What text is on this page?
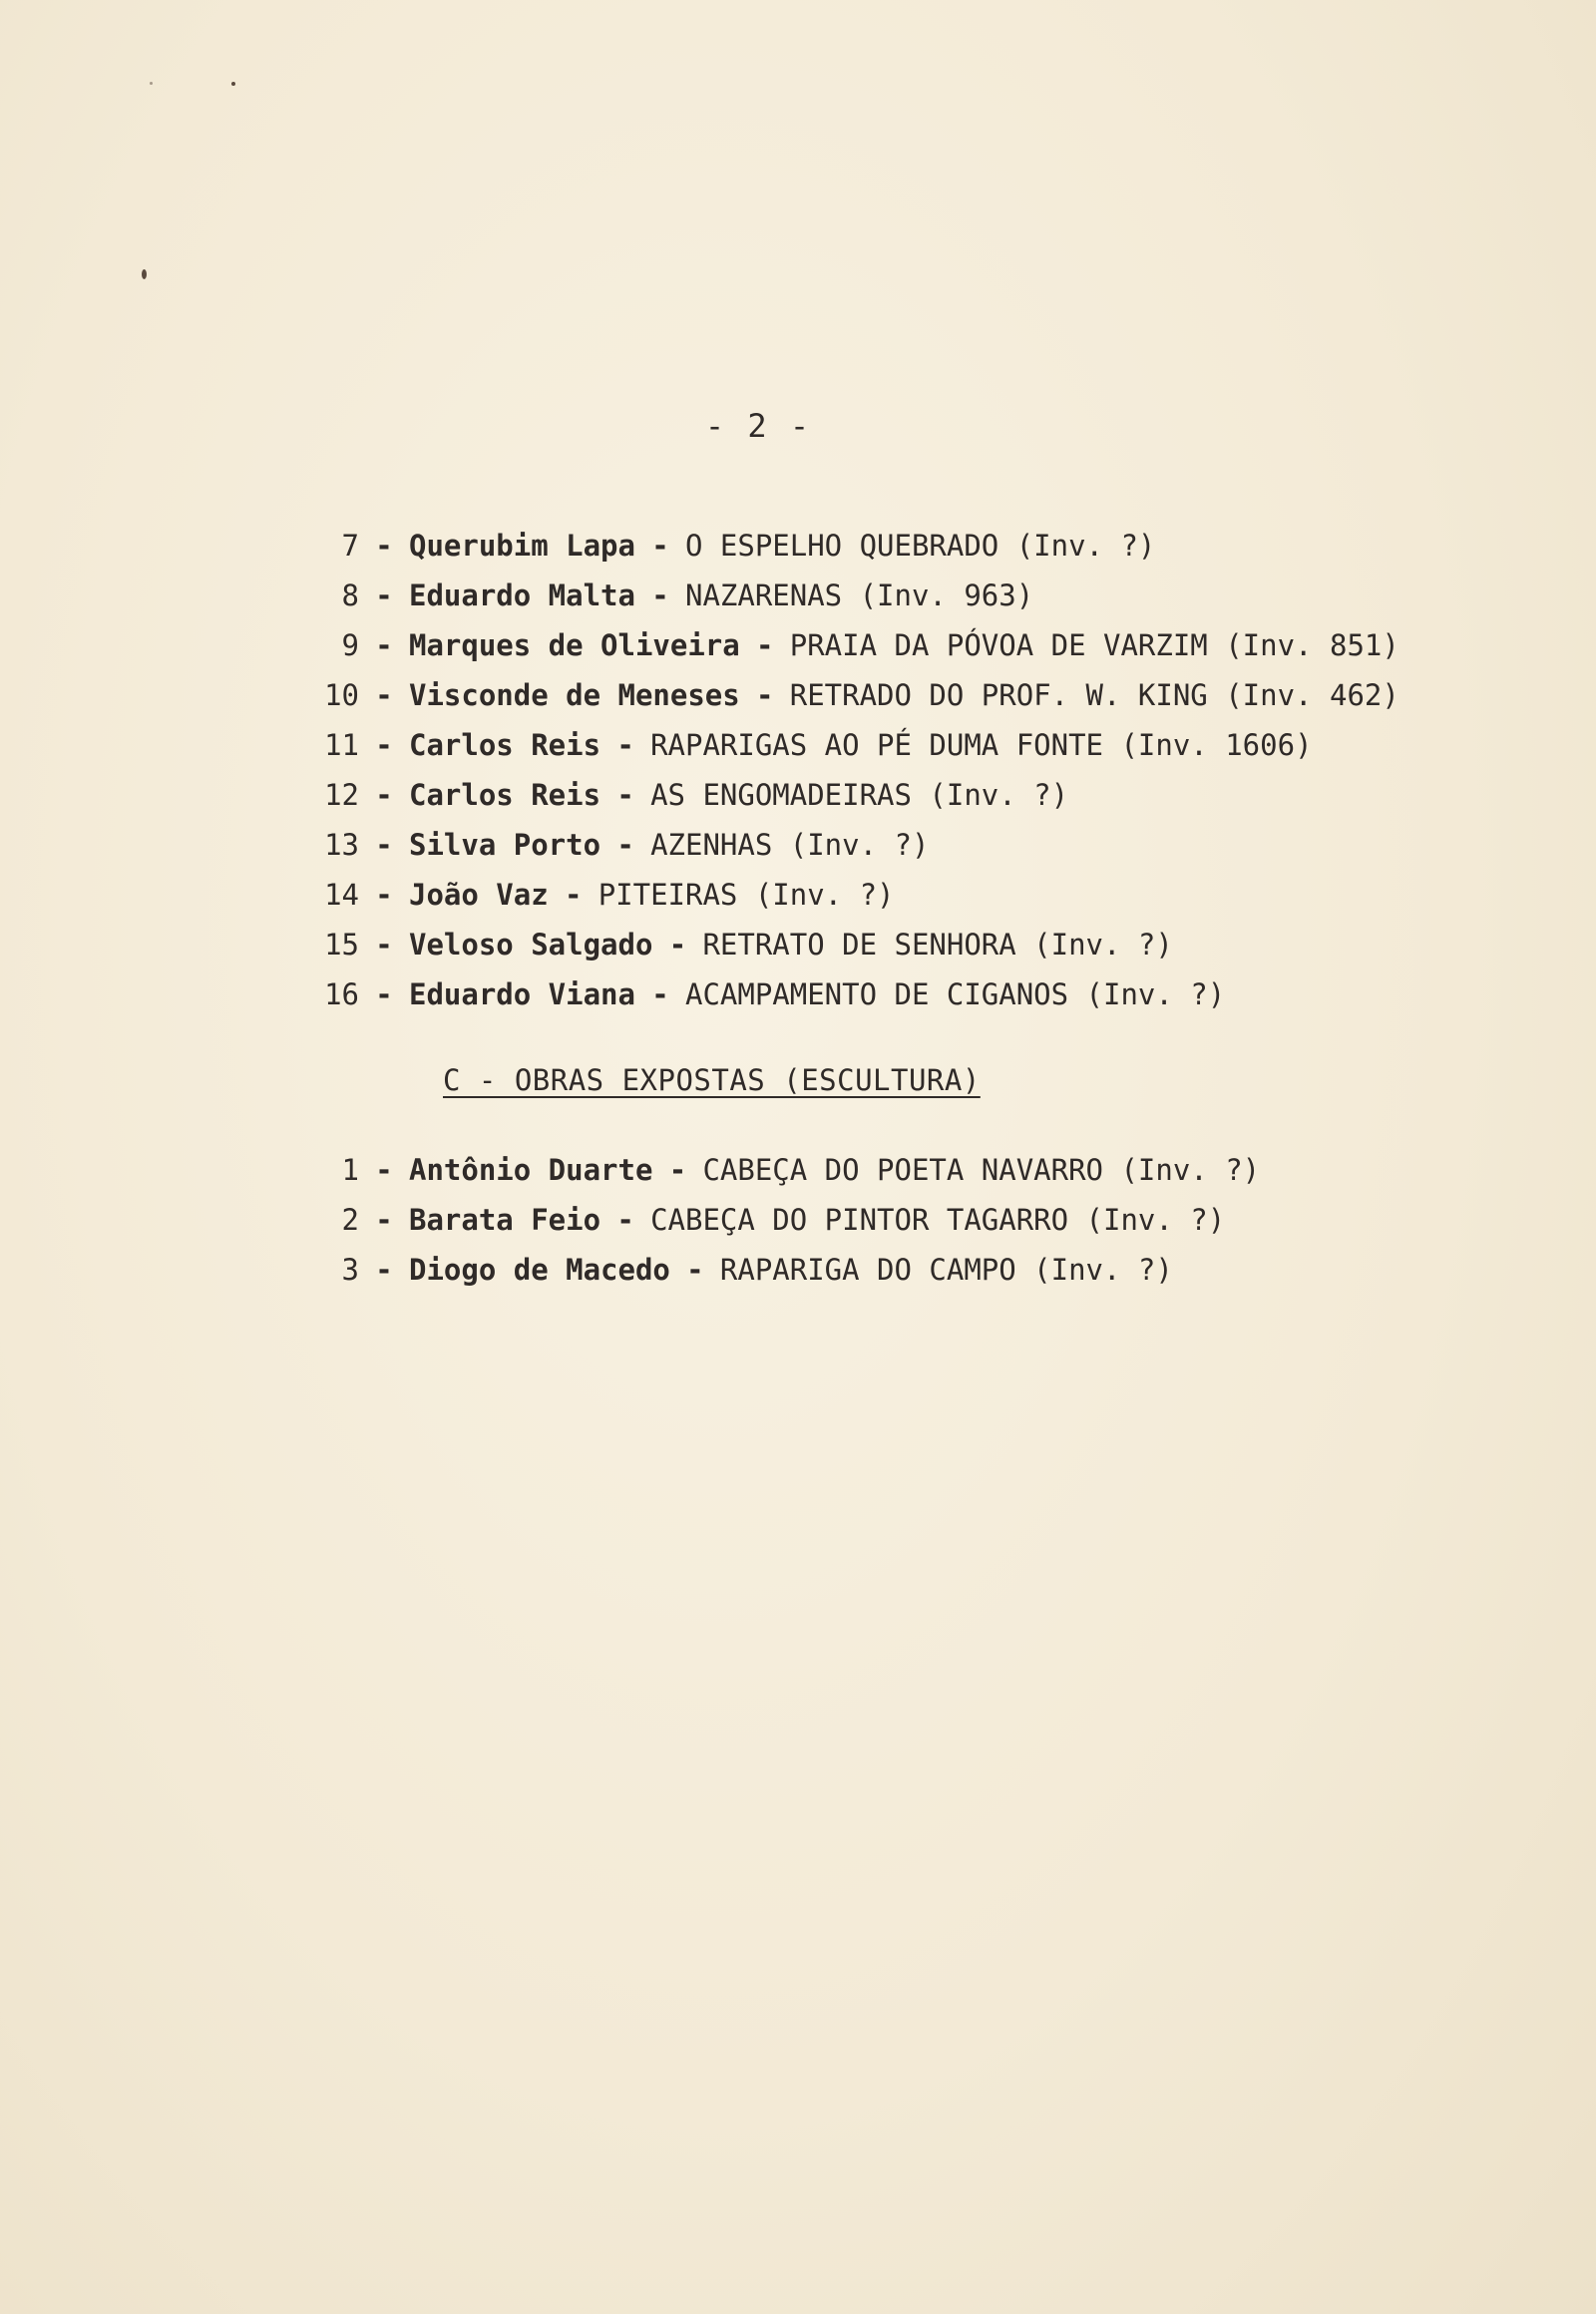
- 2 -
7 - Querubim Lapa - O ESPELHO QUEBRADO (Inv. ?)
8 - Eduardo Malta - NAZARENAS (Inv. 963)
9 - Marques de Oliveira - PRAIA DA PÓVOA DE VARZIM (Inv. 851)
10 - Visconde de Meneses - RETRADO DO PROF. W. KING (Inv. 462)
11 - Carlos Reis - RAPARIGAS AO PÉ DUMA FONTE (Inv. 1606)
12 - Carlos Reis - AS ENGOMADEIRAS (Inv. ?)
13 - Silva Porto - AZENHAS (Inv. ?)
14 - João Vaz - PITEIRAS (Inv. ?)
15 - Veloso Salgado - RETRATO DE SENHORA (Inv. ?)
16 - Eduardo Viana - ACAMPAMENTO DE CIGANOS (Inv. ?)
C - OBRAS EXPOSTAS (ESCULTURA)
1 - Antônio Duarte - CABEÇA DO POETA NAVARRO (Inv. ?)
2 - Barata Feio - CABEÇA DO PINTOR TAGARRO (Inv. ?)
3 - Diogo de Macedo - RAPARIGA DO CAMPO (Inv. ?)
